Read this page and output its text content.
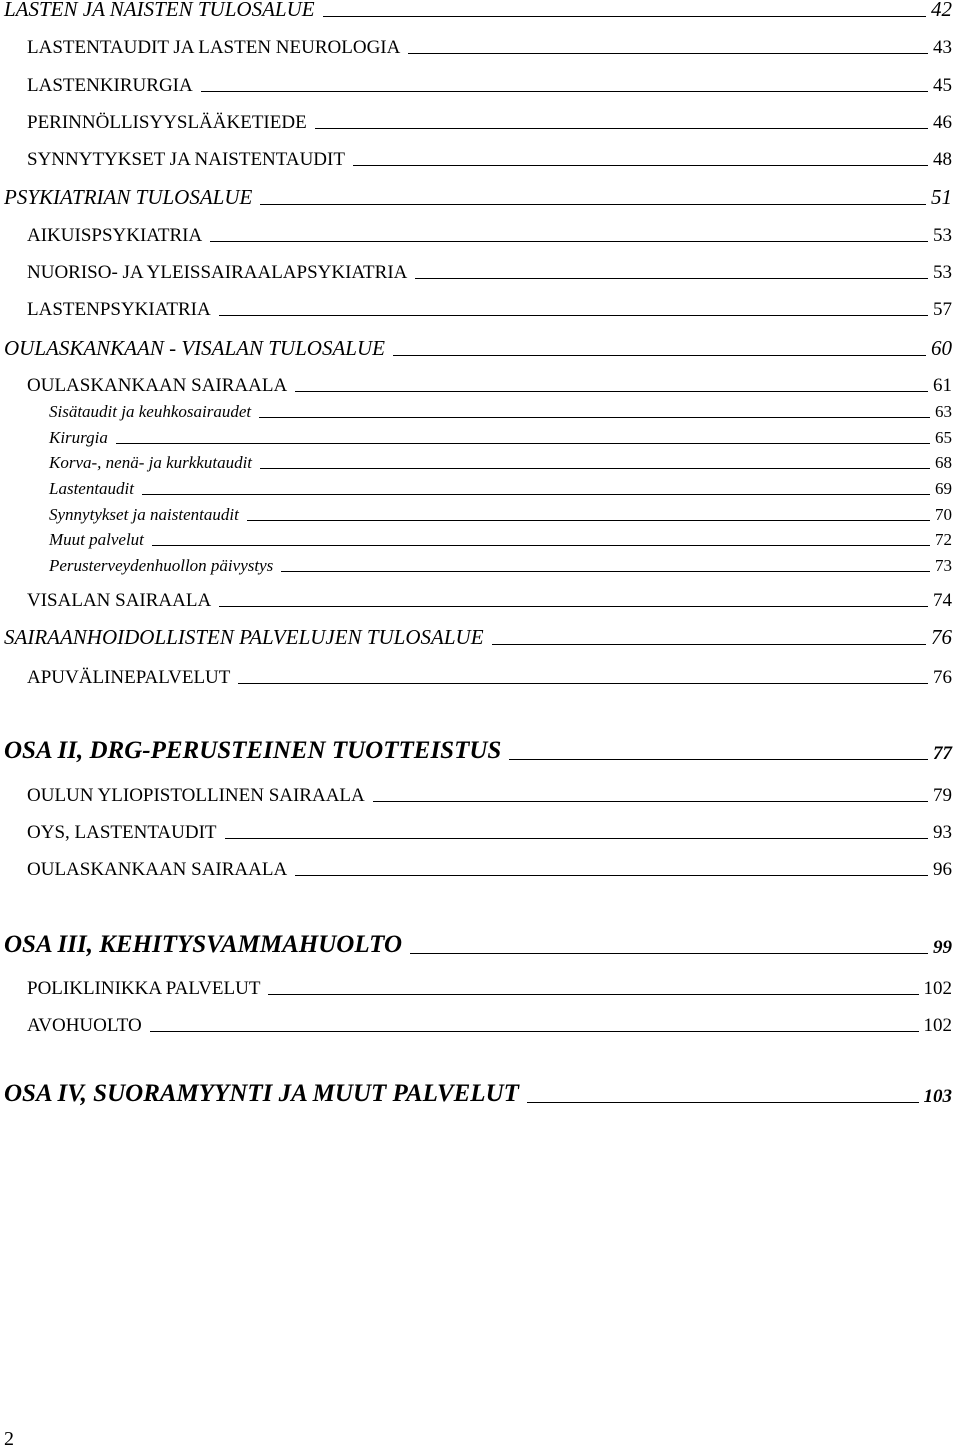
LASTEN JA NAISTEN TULOSALUE	42
LASTENTAUDIT JA LASTEN NEUROLOGIA	43
LASTENKIRURGIA	45
PERINNÖLLISYYSLÄÄKETIEDE	46
SYNNYTYKSET JA NAISTENTAUDIT	48
PSYKIATRIAN TULOSALUE	51
AIKUISPSYKIATRIA	53
NUORISO- JA YLEISSAIRAALAPSYKIATRIA	53
LASTENPSYKIATRIA	57
OULASKANKAAN - VISALAN TULOSALUE	60
OULASKANKAAN SAIRAALA	61
Sisätaudit ja keuhkosairaudet	63
Kirurgia	65
Korva-, nenä- ja kurkkutaudit	68
Lastentaudit	69
Synnytykset ja naistentaudit	70
Muut palvelut	72
Perusterveydenhuollon päivystys	73
VISALAN SAIRAALA	74
SAIRAANHOIDOLLISTEN PALVELUJEN TULOSALUE	76
APUVÄLINEPALVELUT	76
OSA II, DRG-PERUSTEINEN TUOTTEISTUS	77
OULUN YLIOPISTOLLINEN SAIRAALA	79
OYS, LASTENTAUDIT	93
OULASKANKAAN SAIRAALA	96
OSA III, KEHITYSVAMMAHUOLTO	99
POLIKLINIKKA PALVELUT	102
AVOHUOLTO	102
OSA IV, SUORAMYYNTI JA MUUT PALVELUT	103
2
